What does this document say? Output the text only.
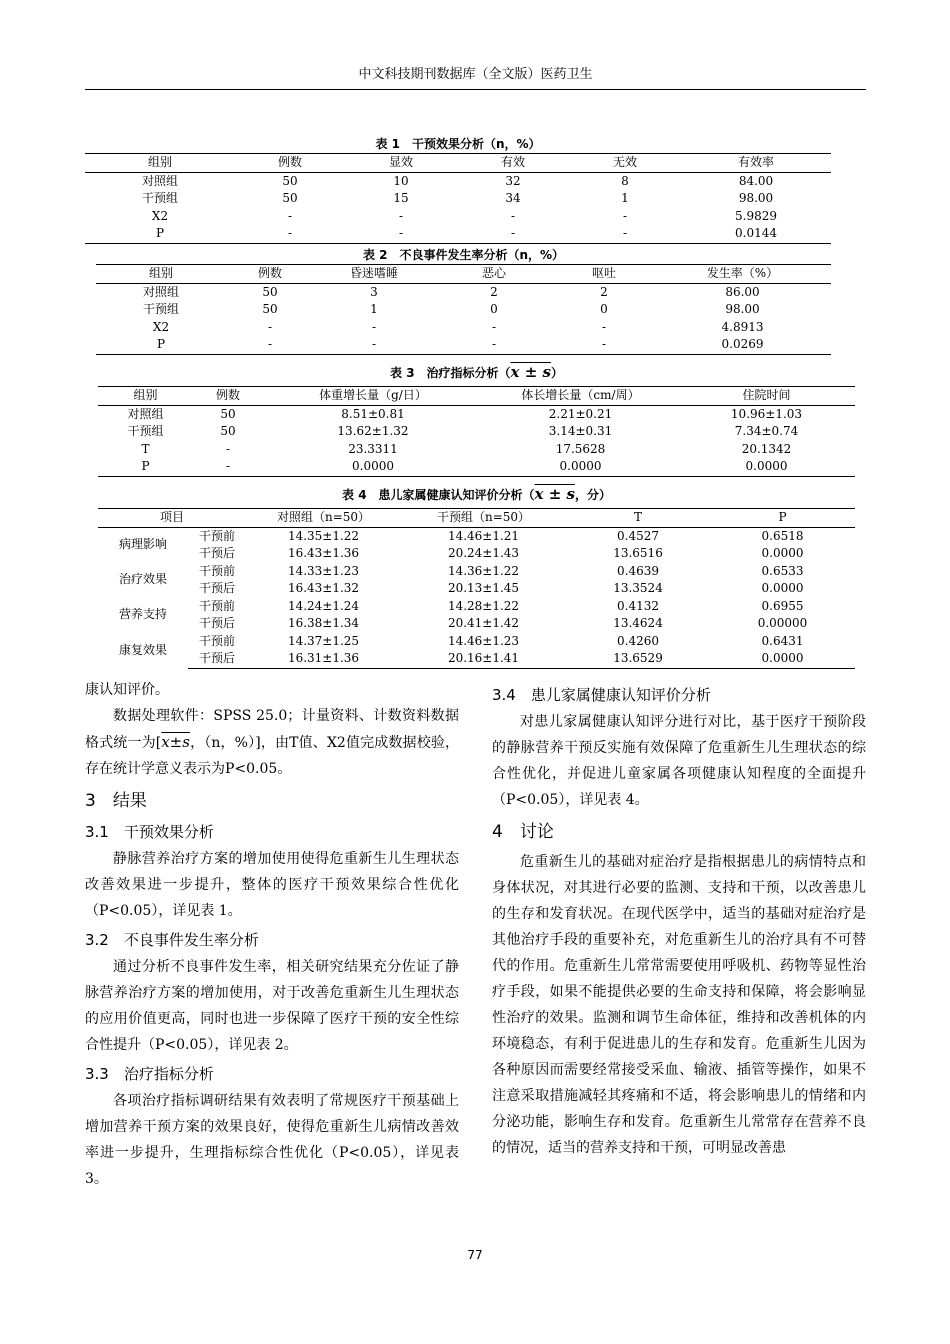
中文科技期刊数据库（全文版）医药卫生
表 1　干预效果分析（n，%）
组别	例数	显效	有效	无效	有效率
对照组	50	10	32	8	84.00
干预组	50	15	34	1	98.00
X2	-	-	-	-	5.9829
P	-	-	-	-	0.0144
表 2　不良事件发生率分析（n，%）
组别	例数	昏迷嗜睡	恶心	呕吐	发生率（%）
对照组	50	3	2	2	86.00
干预组	50	1	0	0	98.00
X2	-	-	-	-	4.8913
P	-	-	-	-	0.0269
表 3　治疗指标分析（x ± s）
组别	例数	体重增长量（g/日）	体长增长量（cm/周）	住院时间
对照组	50	8.51±0.81	2.21±0.21	10.96±1.03
干预组	50	13.62±1.32	3.14±0.31	7.34±0.74
T	-	23.3311	17.5628	20.1342
P	-	0.0000	0.0000	0.0000
表 4　患儿家属健康认知评价分析（x ± s，分）
项目		对照组（n=50）	干预组（n=50）	T	P
病理影响	干预前	14.35±1.22	14.46±1.21	0.4527	0.6518
	干预后	16.43±1.36	20.24±1.43	13.6516	0.0000
治疗效果	干预前	14.33±1.23	14.36±1.22	0.4639	0.6533
	干预后	16.43±1.32	20.13±1.45	13.3524	0.0000
营养支持	干预前	14.24±1.24	14.28±1.22	0.4132	0.6955
	干预后	16.38±1.34	20.41±1.42	13.4624	0.00000
康复效果	干预前	14.37±1.25	14.46±1.23	0.4260	0.6431
	干预后	16.31±1.36	20.16±1.41	13.6529	0.0000

康认知评价。

数据处理软件：SPSS 25.0；计量资料、计数资料数据格式统一为[x±s，（n，%）]，由T值、X2值完成数据校验，存在统计学意义表示为P<0.05。

3　结果
3.1　干预效果分析

静脉营养治疗方案的增加使用使得危重新生儿生理状态改善效果进一步提升，整体的医疗干预效果综合性优化（P<0.05），详见表 1。

3.2　不良事件发生率分析

通过分析不良事件发生率，相关研究结果充分佐证了静脉营养治疗方案的增加使用，对于改善危重新生儿生理状态的应用价值更高，同时也进一步保障了医疗干预的安全性综合性提升（P<0.05），详见表 2。

3.3　治疗指标分析

各项治疗指标调研结果有效表明了常规医疗干预基础上增加营养干预方案的效果良好，使得危重新生儿病情改善效率进一步提升，生理指标综合性优化（P<0.05），详见表 3。

3.4　患儿家属健康认知评价分析

对患儿家属健康认知评分进行对比，基于医疗干预阶段的静脉营养干预反实施有效保障了危重新生儿生理状态的综合性优化，并促进儿童家属各项健康认知程度的全面提升（P<0.05），详见表 4。

4　讨论

危重新生儿的基础对症治疗是指根据患儿的病情特点和身体状况，对其进行必要的监测、支持和干预，以改善患儿的生存和发育状况。在现代医学中，适当的基础对症治疗是其他治疗手段的重要补充，对危重新生儿的治疗具有不可替代的作用。危重新生儿常常需要使用呼吸机、药物等显性治疗手段，如果不能提供必要的生命支持和保障，将会影响显性治疗的效果。监测和调节生命体征，维持和改善机体的内环境稳态，有利于促进患儿的生存和发育。危重新生儿因为各种原因而需要经常接受采血、输液、插管等操作，如果不注意采取措施减轻其疼痛和不适，将会影响患儿的情绪和内分泌功能，影响生存和发育。危重新生儿常常存在营养不良的情况，适当的营养支持和干预，可明显改善患

77
